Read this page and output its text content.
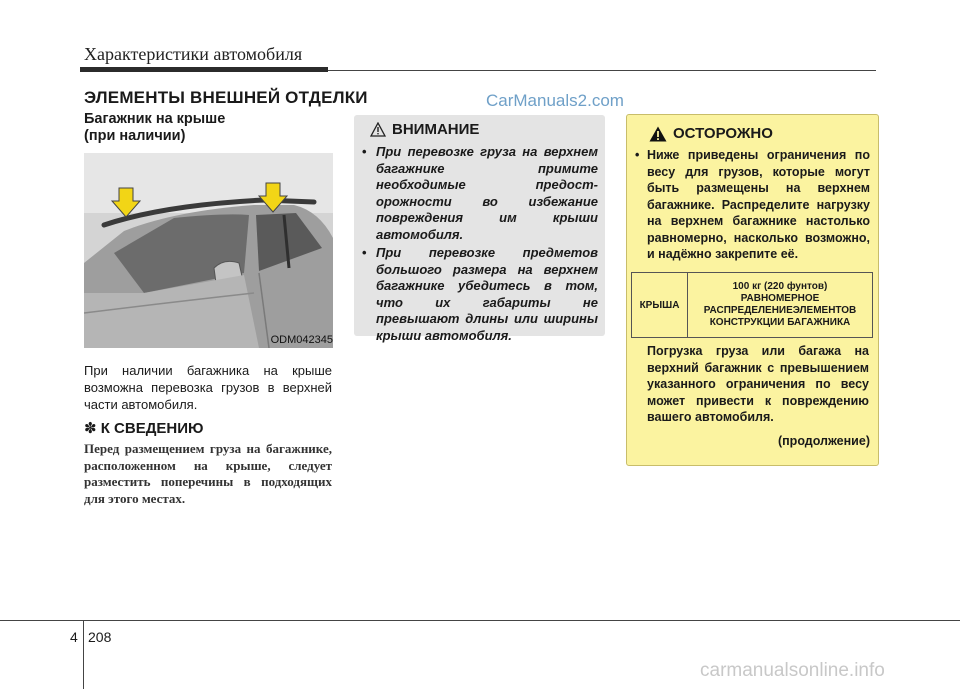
Характеристики автомобиля
ЭЛЕМЕНТЫ ВНЕШНЕЙ ОТДЕЛКИ	CarManuals2.com
Багажник на крыше
(при наличии)
ODM042345
При наличии багажника на крыше возможна перевозка грузов в верхней части автомобиля.
✽ К СВЕДЕНИЮ
Перед размещением груза на багажнике, расположенном на крыше, следует разместить поперечины в подходящих для этого местах.
ВНИМАНИЕ
• При перевозке груза на верхнем багажнике примите необходимые предост-орожности во избежание повреждения им крыши автомобиля.
• При перевозке предметов большого размера на верхнем багажнике убедитесь в том, что их габариты не превышают длины или ширины крыши автомобиля.
ОСТОРОЖНО
• Ниже приведены ограничения по весу для грузов, которые могут быть размещены на верхнем багажнике. Распределите нагрузку на верхнем багажнике настолько равномерно, насколько возможно, и надёжно закрепите её.
КРЫША
100 кг (220 фунтов)
РАВНОМЕРНОЕ
РАСПРЕДЕЛЕНИЕЭЛЕМЕНТОВ
КОНСТРУКЦИИ БАГАЖНИКА
Погрузка груза или багажа на верхний багажник с превышением указанного ограничения по весу может привести к повреждению вашего автомобиля.
(продолжение)
4 208
carmanualsonline.info
